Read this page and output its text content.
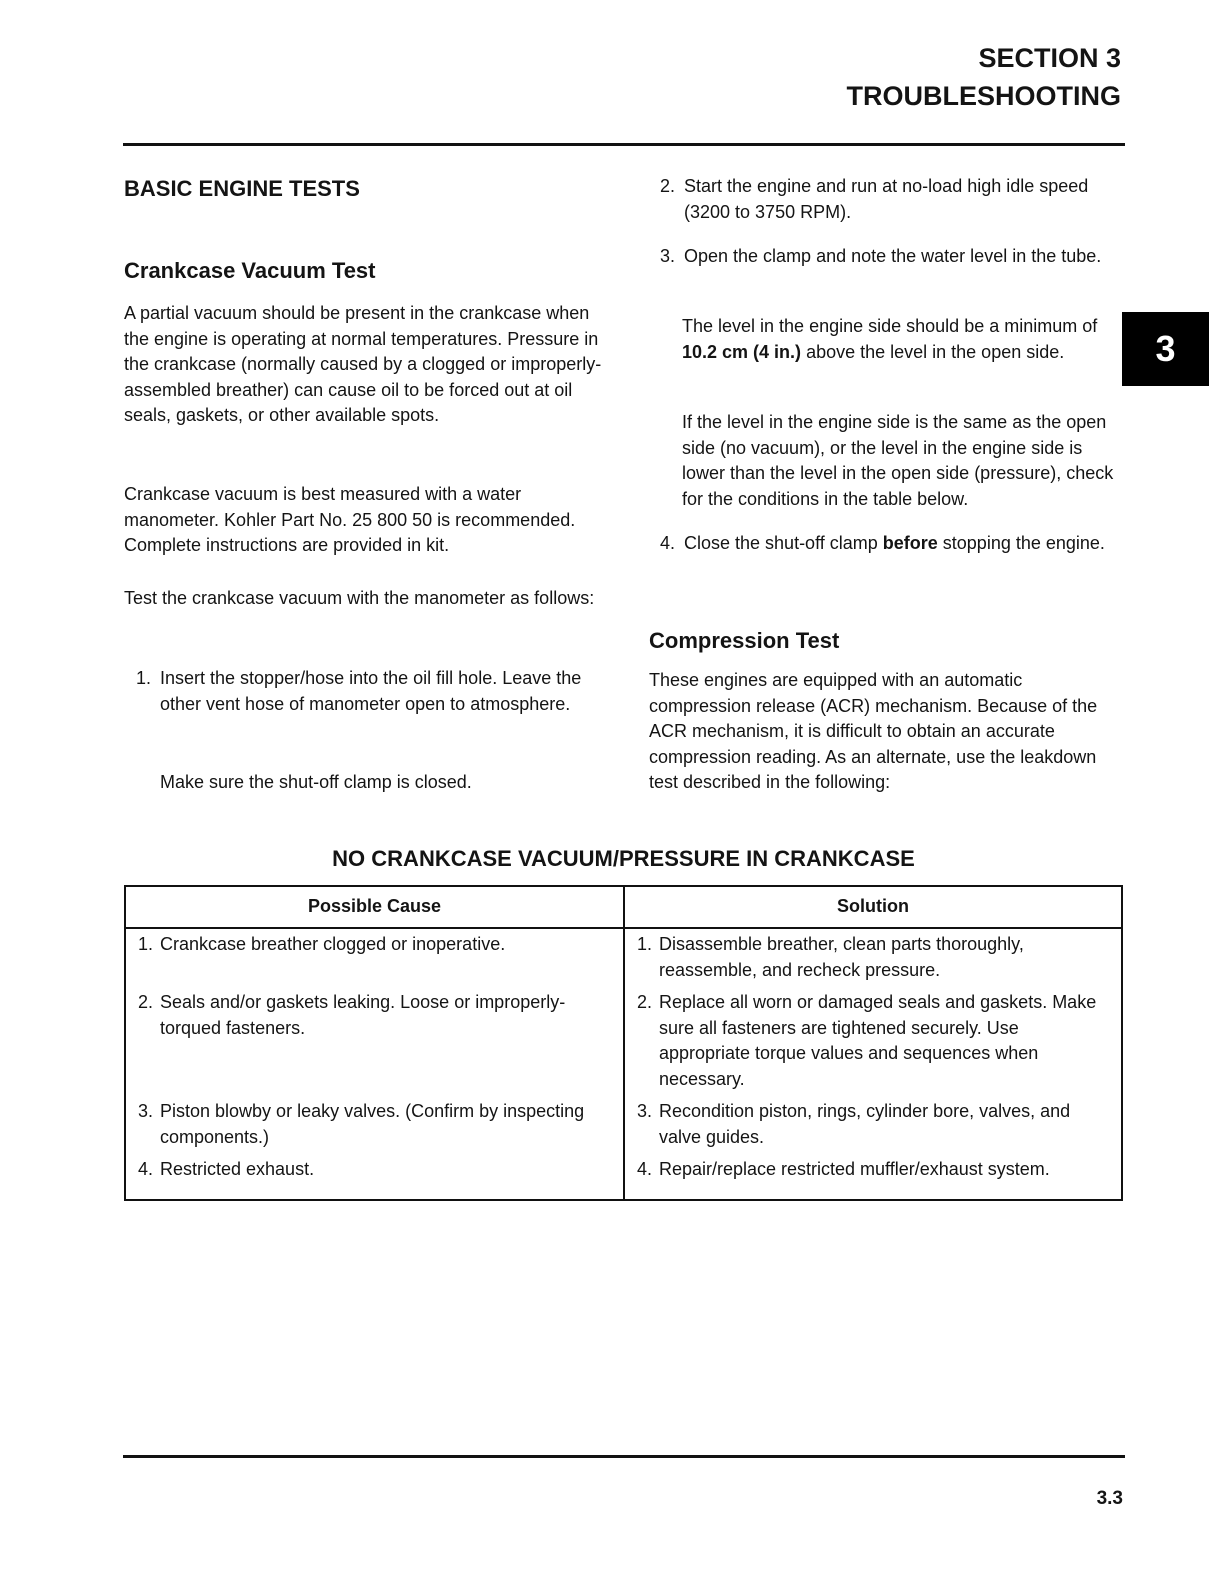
SECTION 3
TROUBLESHOOTING
3
BASIC ENGINE TESTS
Crankcase Vacuum Test
A partial vacuum should be present in the crankcase when the engine is operating at normal temperatures. Pressure in the crankcase (normally caused by a clogged or improperly-assembled breather) can cause oil to be forced out at oil seals, gaskets, or other available spots.
Crankcase vacuum is best measured with a water manometer. Kohler Part No. 25 800 50 is recommended. Complete instructions are provided in kit.
Test the crankcase vacuum with the manometer as follows:
1. Insert the stopper/hose into the oil fill hole. Leave the other vent hose of manometer open to atmosphere.
Make sure the shut-off clamp is closed.
2. Start the engine and run at no-load high idle speed (3200 to 3750 RPM).
3. Open the clamp and note the water level in the tube.
The level in the engine side should be a minimum of 10.2 cm (4 in.) above the level in the open side.
If the level in the engine side is the same as the open side (no vacuum), or the level in the engine side is lower than the level in the open side (pressure), check for the conditions in the table below.
4. Close the shut-off clamp before stopping the engine.
Compression Test
These engines are equipped with an automatic compression release (ACR) mechanism. Because of the ACR mechanism, it is difficult to obtain an accurate compression reading. As an alternate, use the leakdown test described in the following:
NO CRANKCASE VACUUM/PRESSURE IN CRANKCASE
Possible Cause	Solution

1. Crankcase breather clogged or inoperative.	1. Disassemble breather, clean parts thoroughly, reassemble, and recheck pressure.

2. Seals and/or gaskets leaking. Loose or improperly-torqued fasteners.	2. Replace all worn or damaged seals and gaskets. Make sure all fasteners are tightened securely. Use appropriate torque values and sequences when necessary.

3. Piston blowby or leaky valves. (Confirm by inspecting components.)	3. Recondition piston, rings, cylinder bore, valves, and valve guides.

4. Restricted exhaust.	4. Repair/replace restricted muffler/exhaust system.
3.3
